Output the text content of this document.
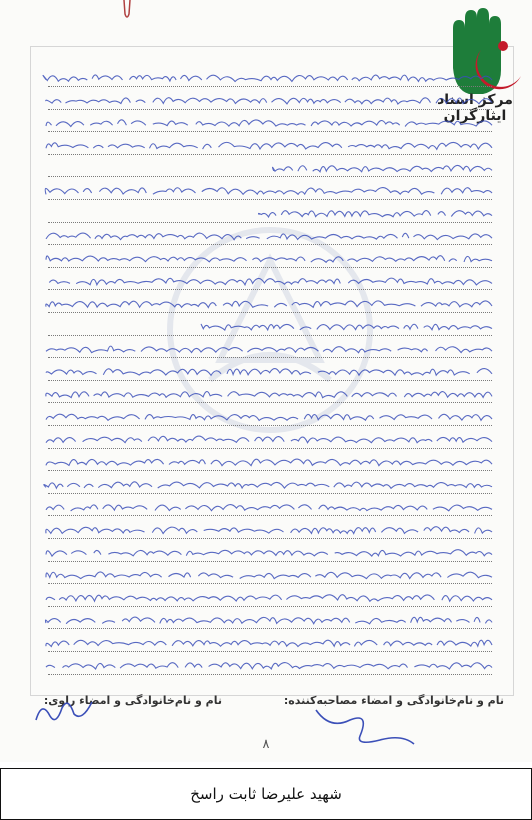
مرکز اسناد ایثارگران
نام و نام‌خانوادگی و امضاء مصاحبه‌کننده:
نام و نام‌خانوادگی و امضاء راوی:
۸
شهید علیرضا ثابت راسخ
